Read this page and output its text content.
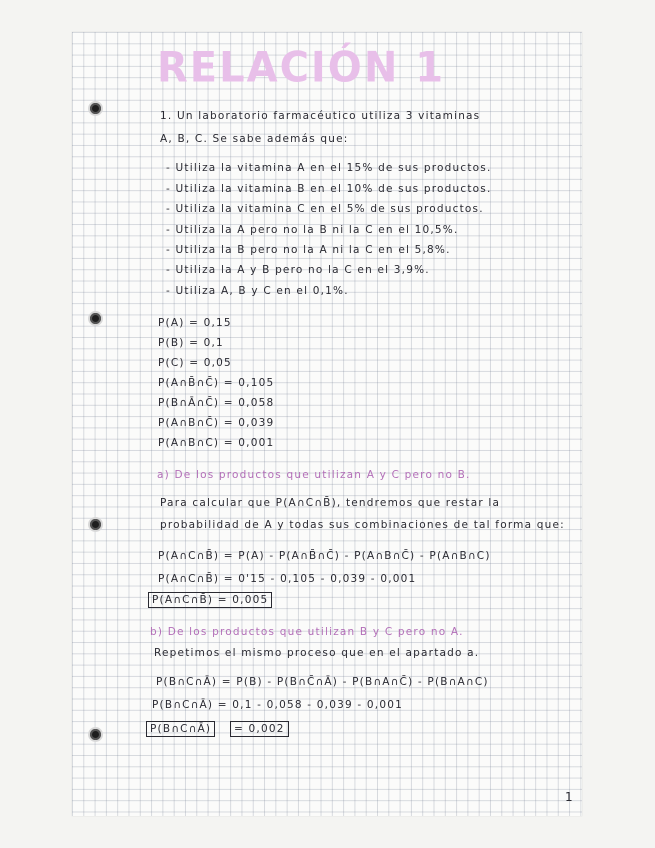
RELACIÓN 1
1. Un laboratorio farmacéutico utiliza 3 vitaminas
A, B, C. Se sabe además que:
- Utiliza la vitamina A en el 15% de sus productos.
- Utiliza la vitamina B en el 10% de sus productos.
- Utiliza la vitamina C en el 5% de sus productos.
- Utiliza la A pero no la B ni la C en el 10,5%.
- Utiliza la B pero no la A ni la C en el 5,8%.
- Utiliza la A y B pero no la C en el 3,9%.
- Utiliza A, B y C en el 0,1%.
P(A) = 0,15
P(B) = 0,1
P(C) = 0,05
P(A∩B̄∩C̄) = 0,105
P(B∩Ā∩C̄) = 0,058
P(A∩B∩C̄) = 0,039
P(A∩B∩C) = 0,001
a) De los productos que utilizan A y C pero no B.
Para calcular que P(A∩C∩B̄), tendremos que restar la
probabilidad de A y todas sus combinaciones de tal forma que:
P(A∩C∩B̄) = P(A) - P(A∩B̄∩C̄) - P(A∩B∩C̄) - P(A∩B∩C)
P(A∩C∩B̄) = 0'15 - 0,105 - 0,039 - 0,001
P(A∩C∩B̄) = 0,005
b) De los productos que utilizan B y C pero no A.
Repetimos el mismo proceso que en el apartado a.
P(B∩C∩Ā) = P(B) - P(B∩C̄∩Ā) - P(B∩A∩C̄) - P(B∩A∩C)
P(B∩C∩Ā) = 0,1 - 0,058 - 0,039 - 0,001
P(B∩C∩Ā)	= 0,002
1
